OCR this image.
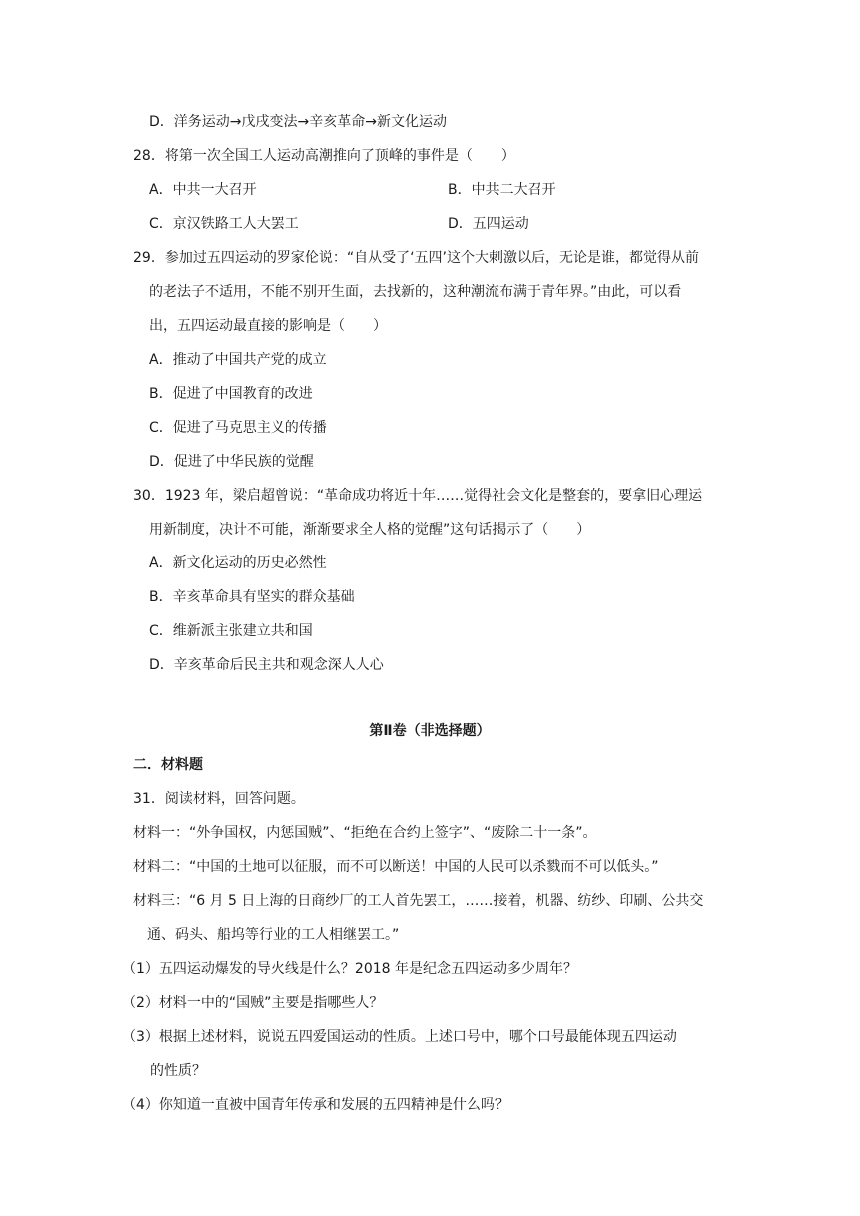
D．洋务运动→戊戌变法→辛亥革命→新文化运动
28．将第一次全国工人运动高潮推向了顶峰的事件是（　　）
A．中共一大召开	B．中共二大召开
C．京汉铁路工人大罢工	D．五四运动
29．参加过五四运动的罗家伦说：“自从受了‘五四’这个大刺激以后，无论是谁，都觉得从前
的老法子不适用，不能不别开生面，去找新的，这种潮流布满于青年界。”由此，可以看
出，五四运动最直接的影响是（　　）
A．推动了中国共产党的成立
B．促进了中国教育的改进
C．促进了马克思主义的传播
D．促进了中华民族的觉醒
30．1923 年，梁启超曾说：“革命成功将近十年……觉得社会文化是整套的，要拿旧心理运
用新制度，决计不可能，渐渐要求全人格的觉醒”这句话揭示了（　　）
A．新文化运动的历史必然性
B．辛亥革命具有坚实的群众基础
C．维新派主张建立共和国
D．辛亥革命后民主共和观念深人人心
第Ⅱ卷（非选择题）
二．材料题
31．阅读材料，回答问题。
材料一：“外争国权，内惩国贼”、“拒绝在合约上签字”、“废除二十一条”。
材料二：“中国的土地可以征服，而不可以断送！中国的人民可以杀戮而不可以低头。”
材料三：“6 月 5 日上海的日商纱厂的工人首先罢工，……接着，机器、纺纱、印刷、公共交
通、码头、船坞等行业的工人相继罢工。”
（1）五四运动爆发的导火线是什么？2018 年是纪念五四运动多少周年？
（2）材料一中的“国贼”主要是指哪些人？
（3）根据上述材料，说说五四爱国运动的性质。上述口号中，哪个口号最能体现五四运动
的性质？
（4）你知道一直被中国青年传承和发展的五四精神是什么吗？
